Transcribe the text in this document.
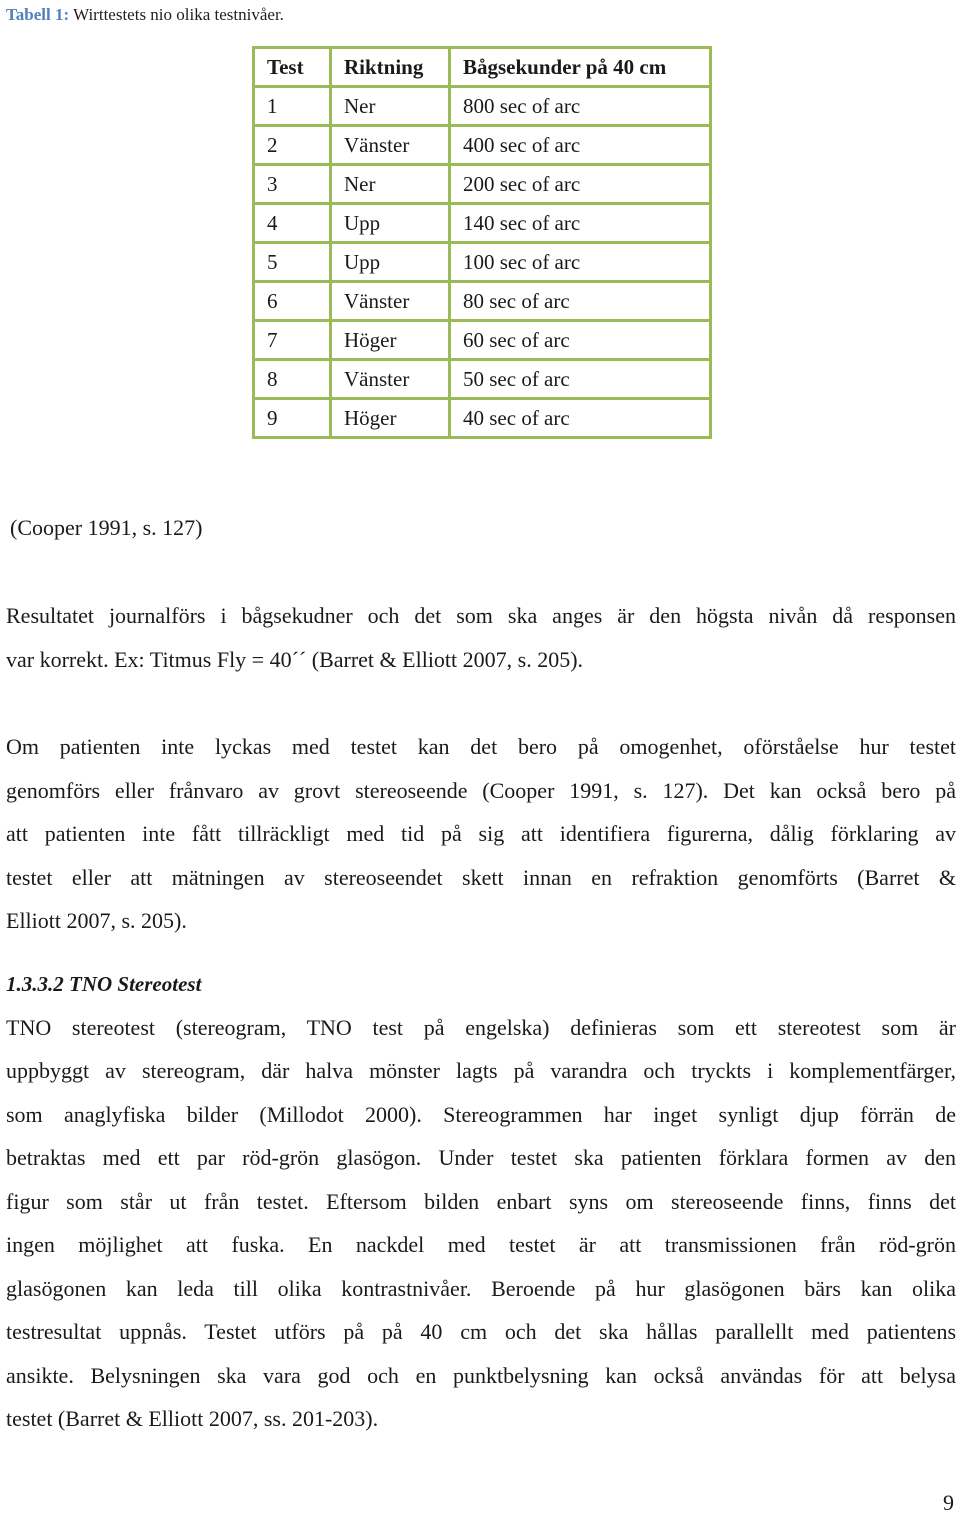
Tabell 1: Wirttestets nio olika testnivåer.
Test	Riktning	Bågsekunder på 40 cm
1	Ner	800 sec of arc
2	Vänster	400 sec of arc
3	Ner	200 sec of arc
4	Upp	140 sec of arc
5	Upp	100 sec of arc
6	Vänster	80 sec of arc
7	Höger	60 sec of arc
8	Vänster	50 sec of arc
9	Höger	40 sec of arc
(Cooper 1991, s. 127)
Resultatet journalförs i bågsekudner och det som ska anges är den högsta nivån då responsen
var korrekt. Ex: Titmus Fly = 40´´ (Barret & Elliott 2007, s. 205).
Om patienten inte lyckas med testet kan det bero på omogenhet, oförståelse hur testet
genomförs eller frånvaro av grovt stereoseende (Cooper 1991, s. 127). Det kan också bero på
att patienten inte fått tillräckligt med tid på sig att identifiera figurerna, dålig förklaring av
testet eller att mätningen av stereoseendet skett innan en refraktion genomförts (Barret &
Elliott 2007, s. 205).
1.3.3.2 TNO Stereotest
TNO stereotest (stereogram, TNO test på engelska) definieras som ett stereotest som är
uppbyggt av stereogram, där halva mönster lagts på varandra och tryckts i komplementfärger,
som anaglyfiska bilder (Millodot 2000). Stereogrammen har inget synligt djup förrän de
betraktas med ett par röd-grön glasögon. Under testet ska patienten förklara formen av den
figur som står ut från testet. Eftersom bilden enbart syns om stereoseende finns, finns det
ingen möjlighet att fuska. En nackdel med testet är att transmissionen från röd-grön
glasögonen kan leda till olika kontrastnivåer. Beroende på hur glasögonen bärs kan olika
testresultat uppnås. Testet utförs på på 40 cm och det ska hållas parallellt med patientens
ansikte. Belysningen ska vara god och en punktbelysning kan också användas för att belysa
testet (Barret & Elliott 2007, ss. 201-203).
9
